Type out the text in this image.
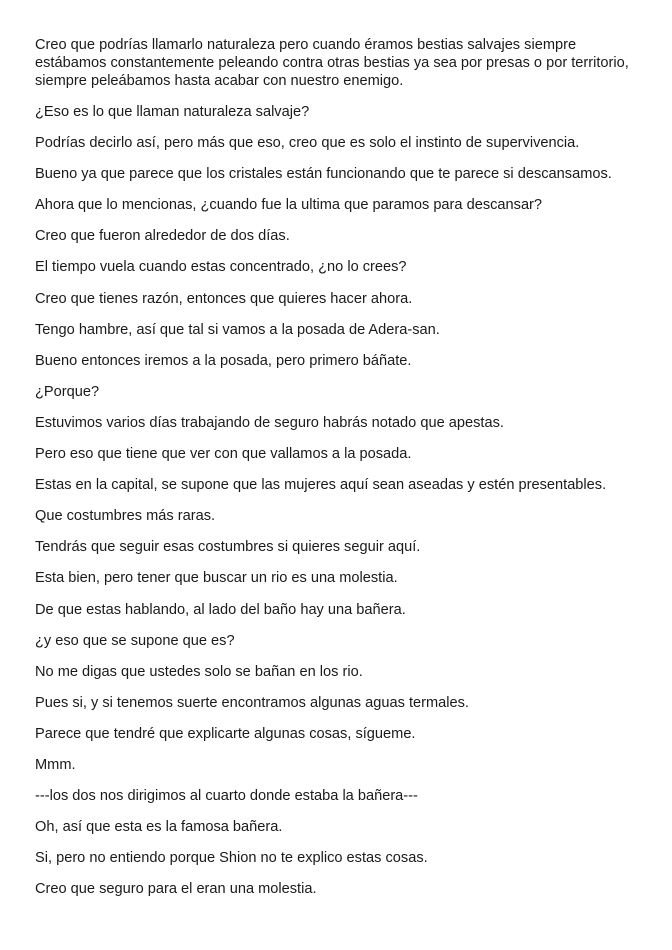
Creo que podrías llamarlo naturaleza pero cuando éramos bestias salvajes siempre estábamos constantemente peleando contra otras bestias ya sea por presas o por territorio, siempre peleábamos hasta acabar con nuestro enemigo.

¿Eso es lo que llaman naturaleza salvaje?

Podrías decirlo así, pero más que eso, creo que es solo el instinto de supervivencia.

Bueno ya que parece que los cristales están funcionando que te parece si descansamos.

Ahora que lo mencionas, ¿cuando fue la ultima que paramos para descansar?

Creo que fueron alrededor de dos días.

El tiempo vuela cuando estas concentrado, ¿no lo crees?

Creo que tienes razón, entonces que quieres hacer ahora.

Tengo hambre, así que tal si vamos a la posada de Adera-san.

Bueno entonces iremos a la posada, pero primero báñate.

¿Porque?

Estuvimos varios días trabajando de seguro habrás notado que apestas.

Pero eso que tiene que ver con que vallamos a la posada.

Estas en la capital, se supone que las mujeres aquí sean aseadas y estén presentables.

Que costumbres más raras.

Tendrás que seguir esas costumbres si quieres seguir aquí.

Esta bien, pero tener que buscar un rio es una molestia.

De que estas hablando, al lado del baño hay una bañera.

¿y eso que se supone que es?

No me digas que ustedes solo se bañan en los rio.

Pues si, y si tenemos suerte encontramos algunas aguas termales.

Parece que tendré que explicarte algunas cosas, sígueme.

Mmm.

---los dos nos dirigimos al cuarto donde estaba la bañera---

Oh, así que esta es la famosa bañera.

Si, pero no entiendo porque Shion no te explico estas cosas.

Creo que seguro para el eran una molestia.
